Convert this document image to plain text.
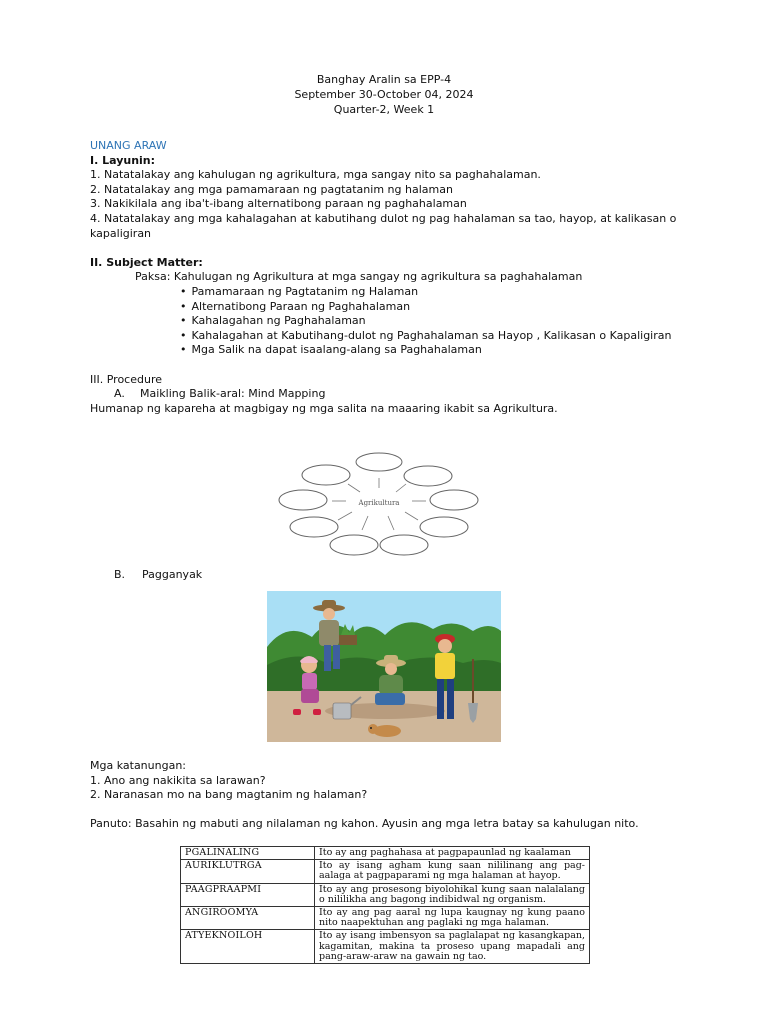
Banghay Aralin sa EPP-4
September 30-October 04, 2024
Quarter-2, Week 1
UNANG ARAW
I. Layunin:
1. Natatalakay ang kahulugan ng agrikultura, mga sangay nito sa paghahalaman.
2. Natatalakay ang mga pamamaraan ng pagtatanim ng halaman
3. Nakikilala ang iba't-ibang alternatibong paraan ng paghahalaman
4. Natatalakay ang mga kahalagahan at kabutihang dulot ng pag hahalaman sa tao, hayop, at kalikasan o kapaligiran
II. Subject Matter:
Paksa: Kahulugan ng Agrikultura at mga sangay ng agrikultura sa paghahalaman
• Pamamaraan ng Pagtatanim ng Halaman
• Alternatibong Paraan ng Paghahalaman
• Kahalagahan ng Paghahalaman
• Kahalagahan at Kabutihang-dulot ng Paghahalaman sa Hayop , Kalikasan o Kapaligiran
• Mga Salik na dapat isaalang-alang sa Paghahalaman
III. Procedure
A. Maikling Balik-aral: Mind Mapping
Humanap ng kapareha at magbigay ng mga salita na maaaring ikabit sa Agrikultura.
Agrikultura
B. Pagganyak
Mga katanungan:
1. Ano ang nakikita sa larawan?
2. Naranasan mo na bang magtanim ng halaman?
Panuto: Basahin ng mabuti ang nilalaman ng kahon. Ayusin ang mga letra batay sa kahulugan nito.
PGALINALING	Ito ay ang paghahasa at pagpapaunlad ng kaalaman
AURIKLUTRGA	Ito ay isang agham kung saan nililinang ang pag-aalaga at pagpaparami ng mga halaman at hayop.
PAAGPRAAPMI	Ito ay ang prosesong biyolohikal kung saan nalalalang o nililikha ang bagong indibidwal ng organism.
ANGIROOMYA	Ito ay ang pag aaral ng lupa kaugnay ng kung paano nito naapektuhan ang paglaki ng mga halaman.
ATYEKNOILOH	Ito ay isang imbensyon sa paglalapat ng kasangkapan, kagamitan, makina ta proseso upang mapadali ang pang-araw-araw na gawain ng tao.
